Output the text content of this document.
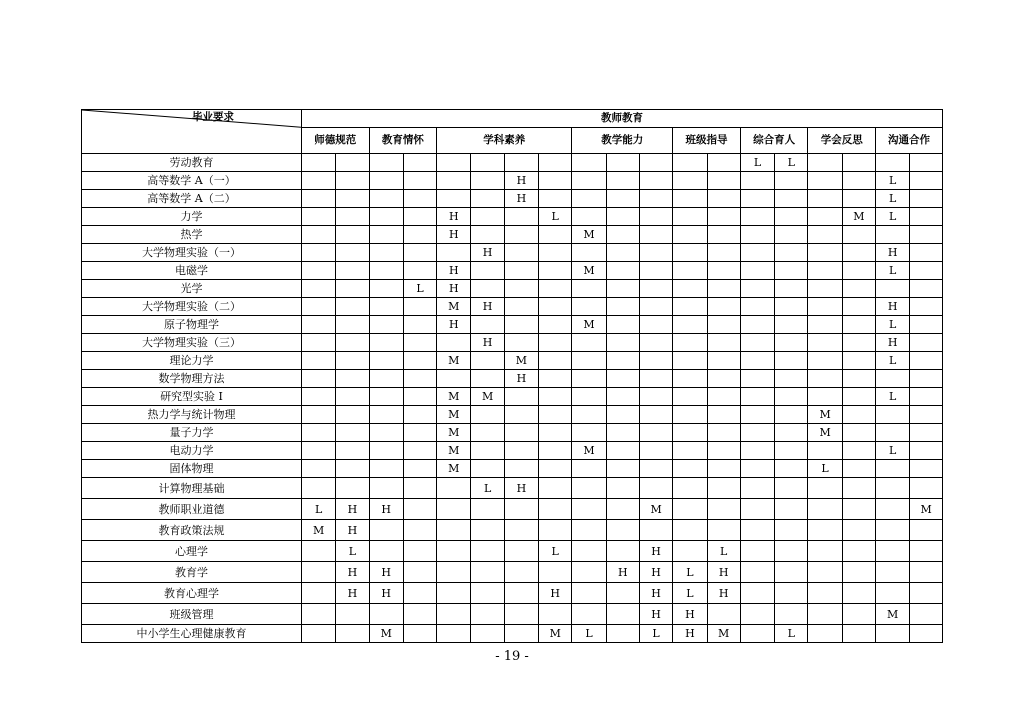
毕业要求	教师教育																		
	师德规范		教育情怀		学科素养				教学能力			班级指导		综合育人		学会反思		沟通合作	
劳动教育														L	L				
高等数学 A（一）							H											L	
高等数学 A（二）							H											L	
力学					H			L									M	L	
热学					H				M										
大学物理实验（一）						H												H	
电磁学					H				M									L	
光学				L	H														
大学物理实验（二）					M	H												H	
原子物理学					H				M									L	
大学物理实验（三）						H												H	
理论力学					M		M											L	
数学物理方法							H												
研究型实验 I					M	M												L	
热力学与统计物理					M											M			
量子力学					M											M			
电动力学					M				M									L	
固体物理					M											L			
计算物理基础						L	H												
教师职业道德	L	H	H								M								M
教育政策法规	M	H																	
心理学		L						L			H		L						
教育学		H	H							H	H	L	H						
教育心理学		H	H					H			H	L	H						
班级管理											H	H						M	
中小学生心理健康教育			M					M	L		L	H	M		L				
- 19 -
